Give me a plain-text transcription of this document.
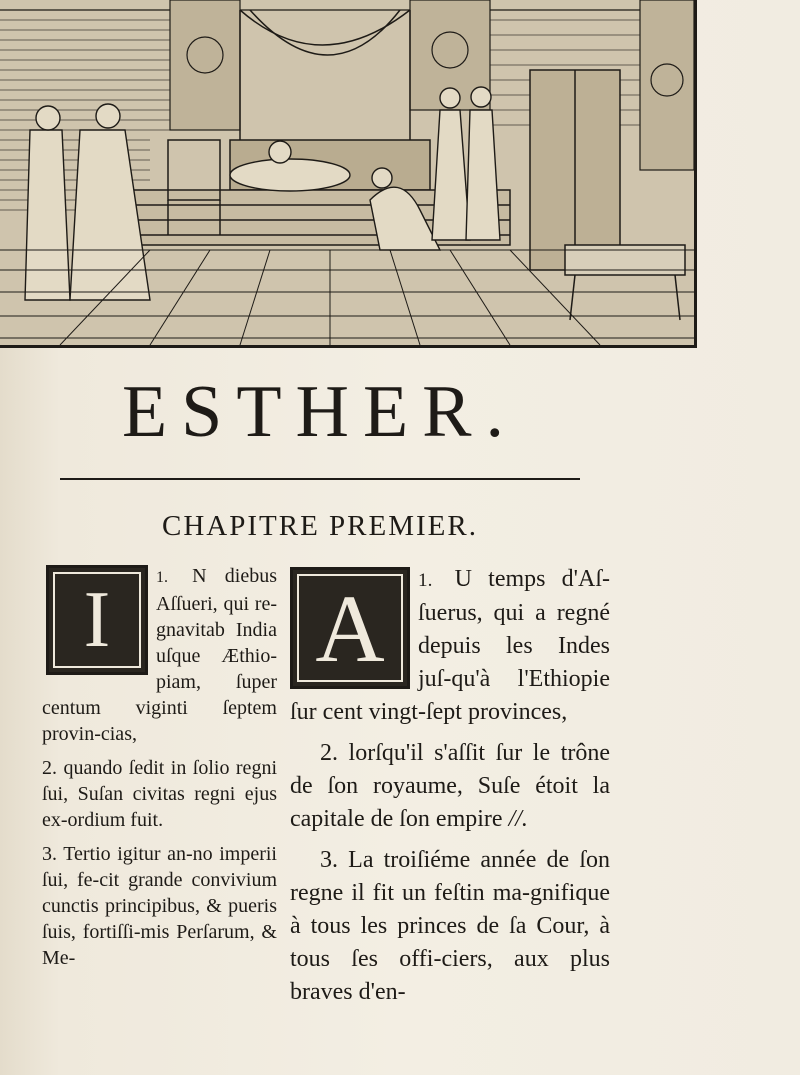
ESTHER.
CHAPITRE PREMIER.

1.
I	N diebus Aſſueri, qui re-gnavitab India uſque Æthio-piam, ſuper centum viginti ſeptem provin-cias,

2. quando ſedit in ſolio regni ſui, Suſan civitas regni ejus ex-ordium fuit.

3. Tertio igitur an-no imperii ſui, fe-cit grande convivium cunctis principibus, & pueris ſuis, fortiſſi-mis Perſarum, & Me-

1.
A	U temps d'Aſ-ſuerus, qui a regné depuis les Indes juſ-qu'à l'Ethiopie ſur cent vingt-ſept provinces,

2. lorſqu'il s'aſſit ſur le trône de ſon royaume, Suſe étoit la capitale de ſon empire //.

3. La troiſiéme année de ſon regne il fit un feſtin ma-gnifique à tous les princes de ſa Cour, à tous ſes offi-ciers, aux plus braves d'en-
